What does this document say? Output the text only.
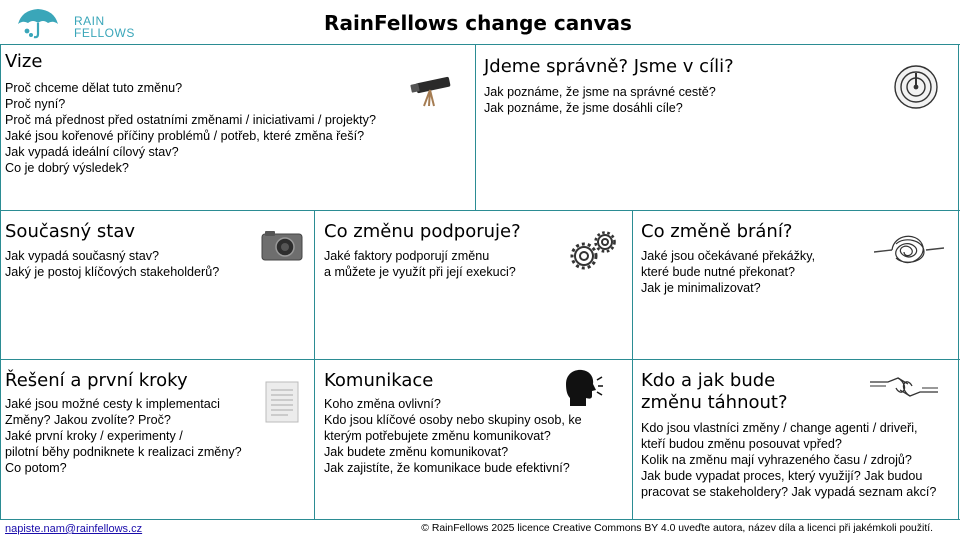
RAIN
FELLOWS	RainFellows change canvas
Vize
Proč chceme dělat tuto změnu?
Proč nyní?
Proč má přednost před ostatními změnami / iniciativami / projekty?
Jaké jsou kořenové příčiny problémů / potřeb, které změna řeší?
Jak vypadá ideální cílový stav?
Co je dobrý výsledek?
Jdeme správně? Jsme v cíli?
Jak poznáme, že jsme na správné cestě?
Jak poznáme, že jsme dosáhli cíle?
Současný stav
Jak vypadá současný stav?
Jaký je postoj klíčových stakeholderů?
Co změnu podporuje?
Jaké faktory podporují změnu
a můžete je využít při její exekuci?
Co změně brání?
Jaké jsou očekávané překážky,
které bude nutné překonat?
Jak je minimalizovat?
Řešení a první kroky
Jaké jsou možné cesty k implementaci
Změny? Jakou zvolíte? Proč?
Jaké první kroky / experimenty /
pilotní běhy podniknete k realizaci změny?
Co potom?
Komunikace
Koho změna ovlivní?
Kdo jsou klíčové osoby nebo skupiny osob, ke
kterým potřebujete změnu komunikovat?
Jak budete změnu komunikovat?
Jak zajistíte, že komunikace bude efektivní?
Kdo a jak bude
změnu táhnout?
Kdo jsou vlastníci změny / change agenti / driveři,
kteří budou změnu posouvat vpřed?
Kolik na změnu mají vyhrazeného času / zdrojů?
Jak bude vypadat proces, který využijí? Jak budou
pracovat se stakeholdery? Jak vypadá seznam akcí?
napiste.nam@rainfellows.cz	© RainFellows 2025 licence Creative Commons BY 4.0 uveďte autora, název díla a licenci při jakémkoli použití.
